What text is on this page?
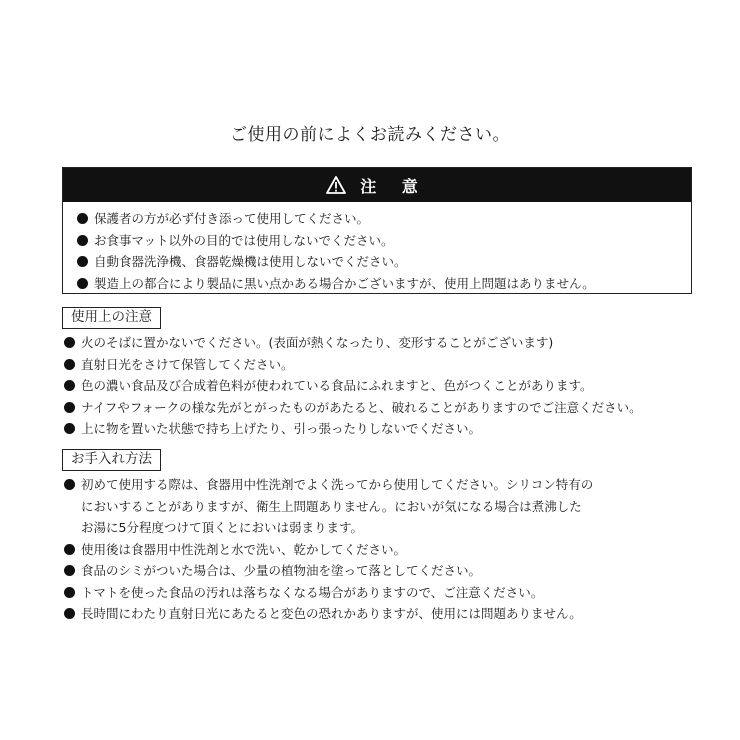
ご使用の前によくお読みください。
注 意
保護者の方が必ず付き添って使用してください。
お食事マット以外の目的では使用しないでください。
自動食器洗浄機、食器乾燥機は使用しないでください。
製造上の都合により製品に黒い点かある場合かございますが、使用上問題はありません。
使用上の注意
火のそばに置かないでください。(表面が熱くなったり、変形することがございます)
直射日光をさけて保管してください。
色の濃い食品及び合成着色料が使われている食品にふれますと、色がつくことがあります。
ナイフやフォークの様な先がとがったものがあたると、破れることがありますのでご注意ください。
上に物を置いた状態で持ち上げたり、引っ張ったりしないでください。
お手入れ方法
初めて使用する際は、食器用中性洗剤でよく洗ってから使用してください。シリコン特有の
においすることがありますが、衛生上問題ありません。においが気になる場合は煮沸した
お湯に5分程度つけて頂くとにおいは弱まります。
使用後は食器用中性洗剤と水で洗い、乾かしてください。
食品のシミがついた場合は、少量の植物油を塗って落としてください。
トマトを使った食品の汚れは落ちなくなる場合がありますので、ご注意ください。
長時間にわたり直射日光にあたると変色の恐れかありますが、使用には問題ありません。
